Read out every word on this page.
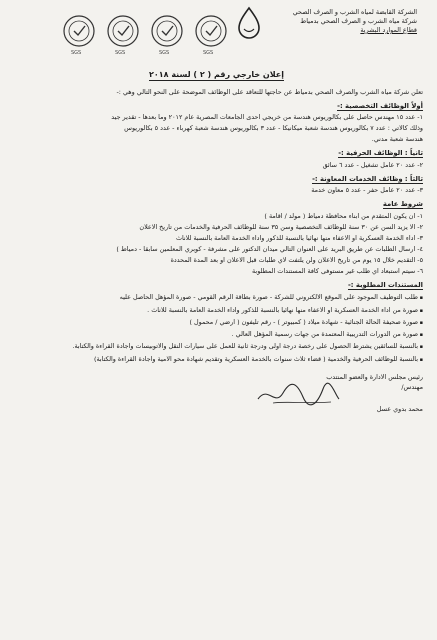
الشركة القابضة لمياه الشرب و الصرف الصحي
شركة مياه الشرب و الصرف الصحي بدمياط
قطاع الموارد البشرية
SGS
SGS
SGS
SGS
إعلان خارجي رقم ( ٢ ) لسنة ٢٠١٨

تعلن شركة مياه الشرب والصرف الصحي بدمياط عن حاجتها للتعاقد على الوظائف الموضحة على النحو التالي وهي :-

أولاً الوظائف التخصصية :-

١- عدد ١٥ مهندس حاصل على بكالوريوس هندسة من خريجي احدى الجامعات المصرية عام ٢٠١٢ وما بعدها - تقدير جيد

وذلك كالاتي : عدد ٧ بكالوريوس هندسة شعبة ميكانيكا - عدد ٣ بكالوريوس هندسة شعبة كهرباء - عدد ٥ بكالوريوس

هندسة شعبة مدني.

ثانياً : الوظائف الحرفية :-

٢- عدد ٢٠ عامل تشغيل - عدد ٦ سائق

ثالثاً : وظائف الخدمات المعاونة :-

٣- عدد ٢٠ عامل حفر - عدد ٥ معاون خدمة

شروط عامة

١- ان يكون المتقدم من ابناء محافظة دمياط ( مولد / اقامة )

٢- الا يزيد السن عن ٣٠ سنة للوظائف التخصصية وسن ٣٥ سنة للوظائف الحرفية والخدمات من تاريخ الاعلان

٣- اداء الخدمة العسكرية او الاعفاء منها نهائيا بالنسبة للذكور واداء الخدمة العامة بالنسبة للاناث

٤- ارسال الطلبات عن طريق البريد على العنوان التالي ميدان الدكتور على مشرفة - كوبري المعلمين سابقا - دمياط )

٥- التقديم خلال ١٥ يوم من تاريخ الاعلان ولن يلتفت لاي طلبات قبل الاعلان او بعد المدة المحددة

٦- سيتم استبعاد اي طلب غير مستوفى كافة المستندات المطلوبة

المستندات المطلوبة :-
▪ طلب التوظيف الموجود على الموقع الالكتروني للشركة - صورة بطاقة الرقم القومي - صورة المؤهل الحاصل عليه
▪ صورة من اداء الخدمة العسكرية او الاعفاء منها نهائيا بالنسبة للذكور واداء الخدمة العامة بالنسبة للاناث .
▪ صورة صحيفة الحالة الجنائية - شهادة ميلاد ( كمبيوتر ) - رقم تليفون ( ارضي / محمول )
▪ صورة من الدورات التدريبية المعتمدة من جهات رسمية المؤهل العالي .
▪ بالنسبة للسائقين يشترط الحصول على رخصة درجة اولى ودرجة ثانية للعمل على سيارات النقل والاتوبيسات واجادة القراءة والكتابة.
▪ بالنسبة للوظائف الحرفية والخدمية ( قضاء ثلاث سنوات بالخدمة العسكرية وتقديم شهادة محو الامية واجادة القراءة والكتابة)

رئيس مجلس الادارة والعضو المنتدب

مهندس/

محمد بدوي عسل
